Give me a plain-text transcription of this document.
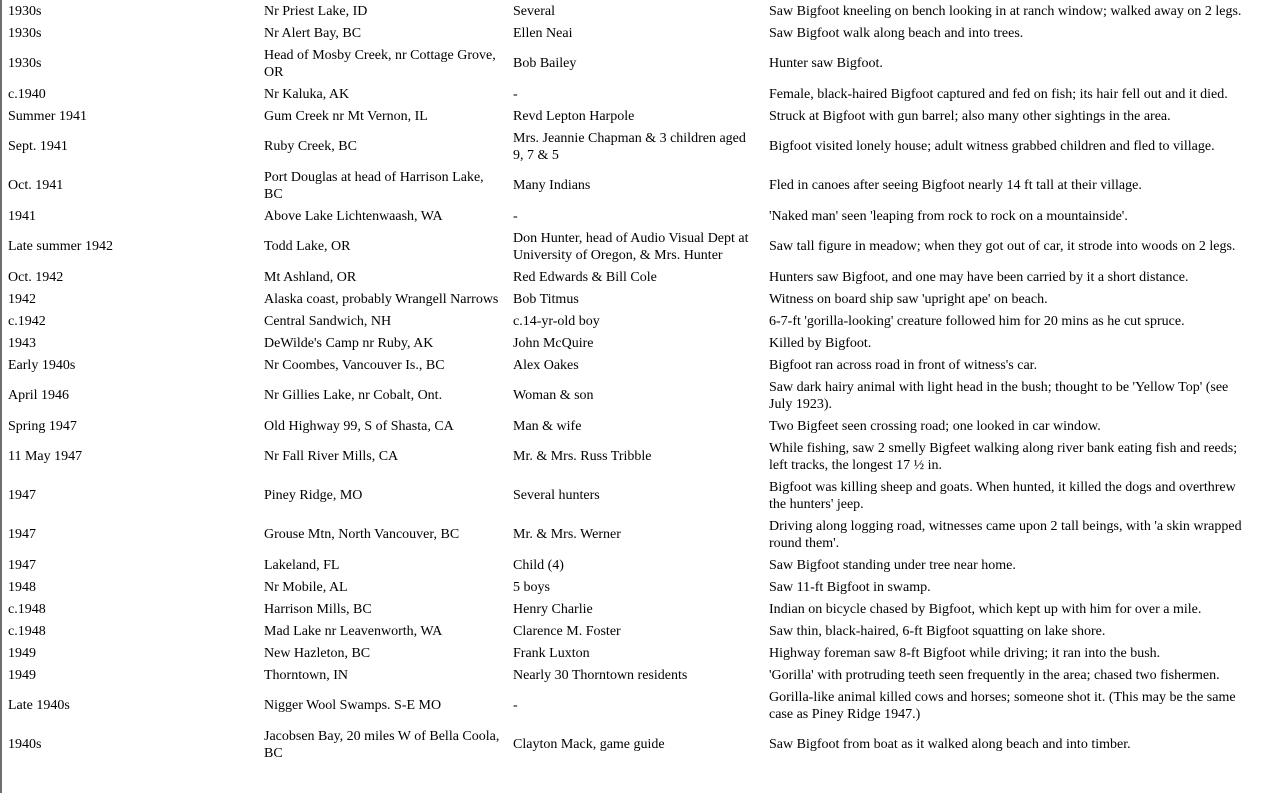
1930s	Nr Priest Lake, ID	Several	Saw Bigfoot kneeling on bench looking in at ranch window; walked away on 2 legs.
1930s	Nr Alert Bay, BC	Ellen Neai	Saw Bigfoot walk along beach and into trees.
1930s	Head of Mosby Creek, nr Cottage Grove, OR	Bob Bailey	Hunter saw Bigfoot.
c.1940	Nr Kaluka, AK	-	Female, black-haired Bigfoot captured and fed on fish; its hair fell out and it died.
Summer 1941	Gum Creek nr Mt Vernon, IL	Revd Lepton Harpole	Struck at Bigfoot with gun barrel; also many other sightings in the area.
Sept. 1941	Ruby Creek, BC	Mrs. Jeannie Chapman & 3 children aged 9, 7 & 5	Bigfoot visited lonely house; adult witness grabbed children and fled to village.
Oct. 1941	Port Douglas at head of Harrison Lake, BC	Many Indians	Fled in canoes after seeing Bigfoot nearly 14 ft tall at their village.
1941	Above Lake Lichtenwaash, WA	-	'Naked man' seen 'leaping from rock to rock on a mountainside'.
Late summer 1942	Todd Lake, OR	Don Hunter, head of Audio Visual Dept at University of Oregon, & Mrs. Hunter	Saw tall figure in meadow; when they got out of car, it strode into woods on 2 legs.
Oct. 1942	Mt Ashland, OR	Red Edwards & Bill Cole	Hunters saw Bigfoot, and one may have been carried by it a short distance.
1942	Alaska coast, probably Wrangell Narrows	Bob Titmus	Witness on board ship saw 'upright ape' on beach.
c.1942	Central Sandwich, NH	c.14-yr-old boy	6-7-ft 'gorilla-looking' creature followed him for 20 mins as he cut spruce.
1943	DeWilde's Camp nr Ruby, AK	John McQuire	Killed by Bigfoot.
Early 1940s	Nr Coombes, Vancouver Is., BC	Alex Oakes	Bigfoot ran across road in front of witness's car.
April 1946	Nr Gillies Lake, nr Cobalt, Ont.	Woman & son	Saw dark hairy animal with light head in the bush; thought to be 'Yellow Top' (see July 1923).
Spring 1947	Old Highway 99, S of Shasta, CA	Man & wife	Two Bigfeet seen crossing road; one looked in car window.
11 May 1947	Nr Fall River Mills, CA	Mr. & Mrs. Russ Tribble	While fishing, saw 2 smelly Bigfeet walking along river bank eating fish and reeds; left tracks, the longest 17 ½ in.
1947	Piney Ridge, MO	Several hunters	Bigfoot was killing sheep and goats. When hunted, it killed the dogs and overthrew the hunters' jeep.
1947	Grouse Mtn, North Vancouver, BC	Mr. & Mrs. Werner	Driving along logging road, witnesses came upon 2 tall beings, with 'a skin wrapped round them'.
1947	Lakeland, FL	Child (4)	Saw Bigfoot standing under tree near home.
1948	Nr Mobile, AL	5 boys	Saw 11-ft Bigfoot in swamp.
c.1948	Harrison Mills, BC	Henry Charlie	Indian on bicycle chased by Bigfoot, which kept up with him for over a mile.
c.1948	Mad Lake nr Leavenworth, WA	Clarence M. Foster	Saw thin, black-haired, 6-ft Bigfoot squatting on lake shore.
1949	New Hazleton, BC	Frank Luxton	Highway foreman saw 8-ft Bigfoot while driving; it ran into the bush.
1949	Thorntown, IN	Nearly 30 Thorntown residents	'Gorilla' with protruding teeth seen frequently in the area; chased two fishermen.
Late 1940s	Nigger Wool Swamps. S-E MO	-	Gorilla-like animal killed cows and horses; someone shot it. (This may be the same case as Piney Ridge 1947.)
1940s	Jacobsen Bay, 20 miles W of Bella Coola, BC	Clayton Mack, game guide	Saw Bigfoot from boat as it walked along beach and into timber.
